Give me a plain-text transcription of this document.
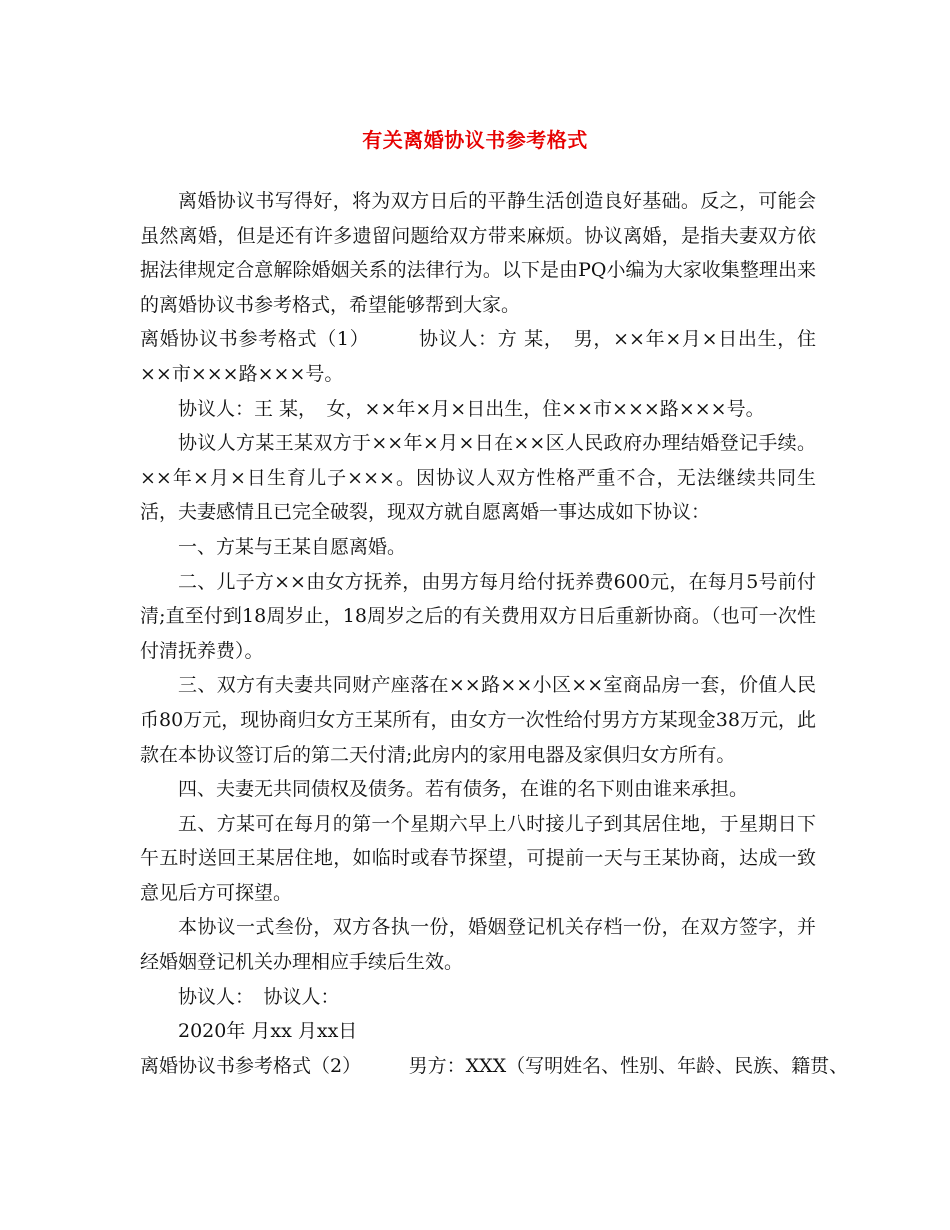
有关离婚协议书参考格式

离婚协议书写得好，将为双方日后的平静生活创造良好基础。反之，可能会虽然离婚，但是还有许多遗留问题给双方带来麻烦。协议离婚，是指夫妻双方依据法律规定合意解除婚姻关系的法律行为。以下是由PQ小编为大家收集整理出来的离婚协议书参考格式，希望能够帮到大家。

离婚协议书参考格式（1）　　　协议人：方 某，　男，××年×月×日出生，住××市×××路×××号。

协议人：王 某，　女，××年×月×日出生，住××市×××路×××号。

协议人方某王某双方于××年×月×日在××区人民政府办理结婚登记手续。××年×月×日生育儿子×××。因协议人双方性格严重不合，无法继续共同生活，夫妻感情且已完全破裂，现双方就自愿离婚一事达成如下协议：

一、方某与王某自愿离婚。

二、儿子方××由女方抚养，由男方每月给付抚养费600元，在每月5号前付清;直至付到18周岁止，18周岁之后的有关费用双方日后重新协商。（也可一次性付清抚养费）。

三、双方有夫妻共同财产座落在××路××小区××室商品房一套，价值人民币80万元，现协商归女方王某所有，由女方一次性给付男方方某现金38万元，此款在本协议签订后的第二天付清;此房内的家用电器及家俱归女方所有。

四、夫妻无共同债权及债务。若有债务，在谁的名下则由谁来承担。

五、方某可在每月的第一个星期六早上八时接儿子到其居住地，于星期日下午五时送回王某居住地，如临时或春节探望，可提前一天与王某协商，达成一致意见后方可探望。

本协议一式叁份，双方各执一份，婚姻登记机关存档一份，在双方签字，并经婚姻登记机关办理相应手续后生效。

协议人：　协议人：

2020年 月xx 月xx日

离婚协议书参考格式（2）　　　男方：XXX（写明姓名、性别、年龄、民族、籍贯、
